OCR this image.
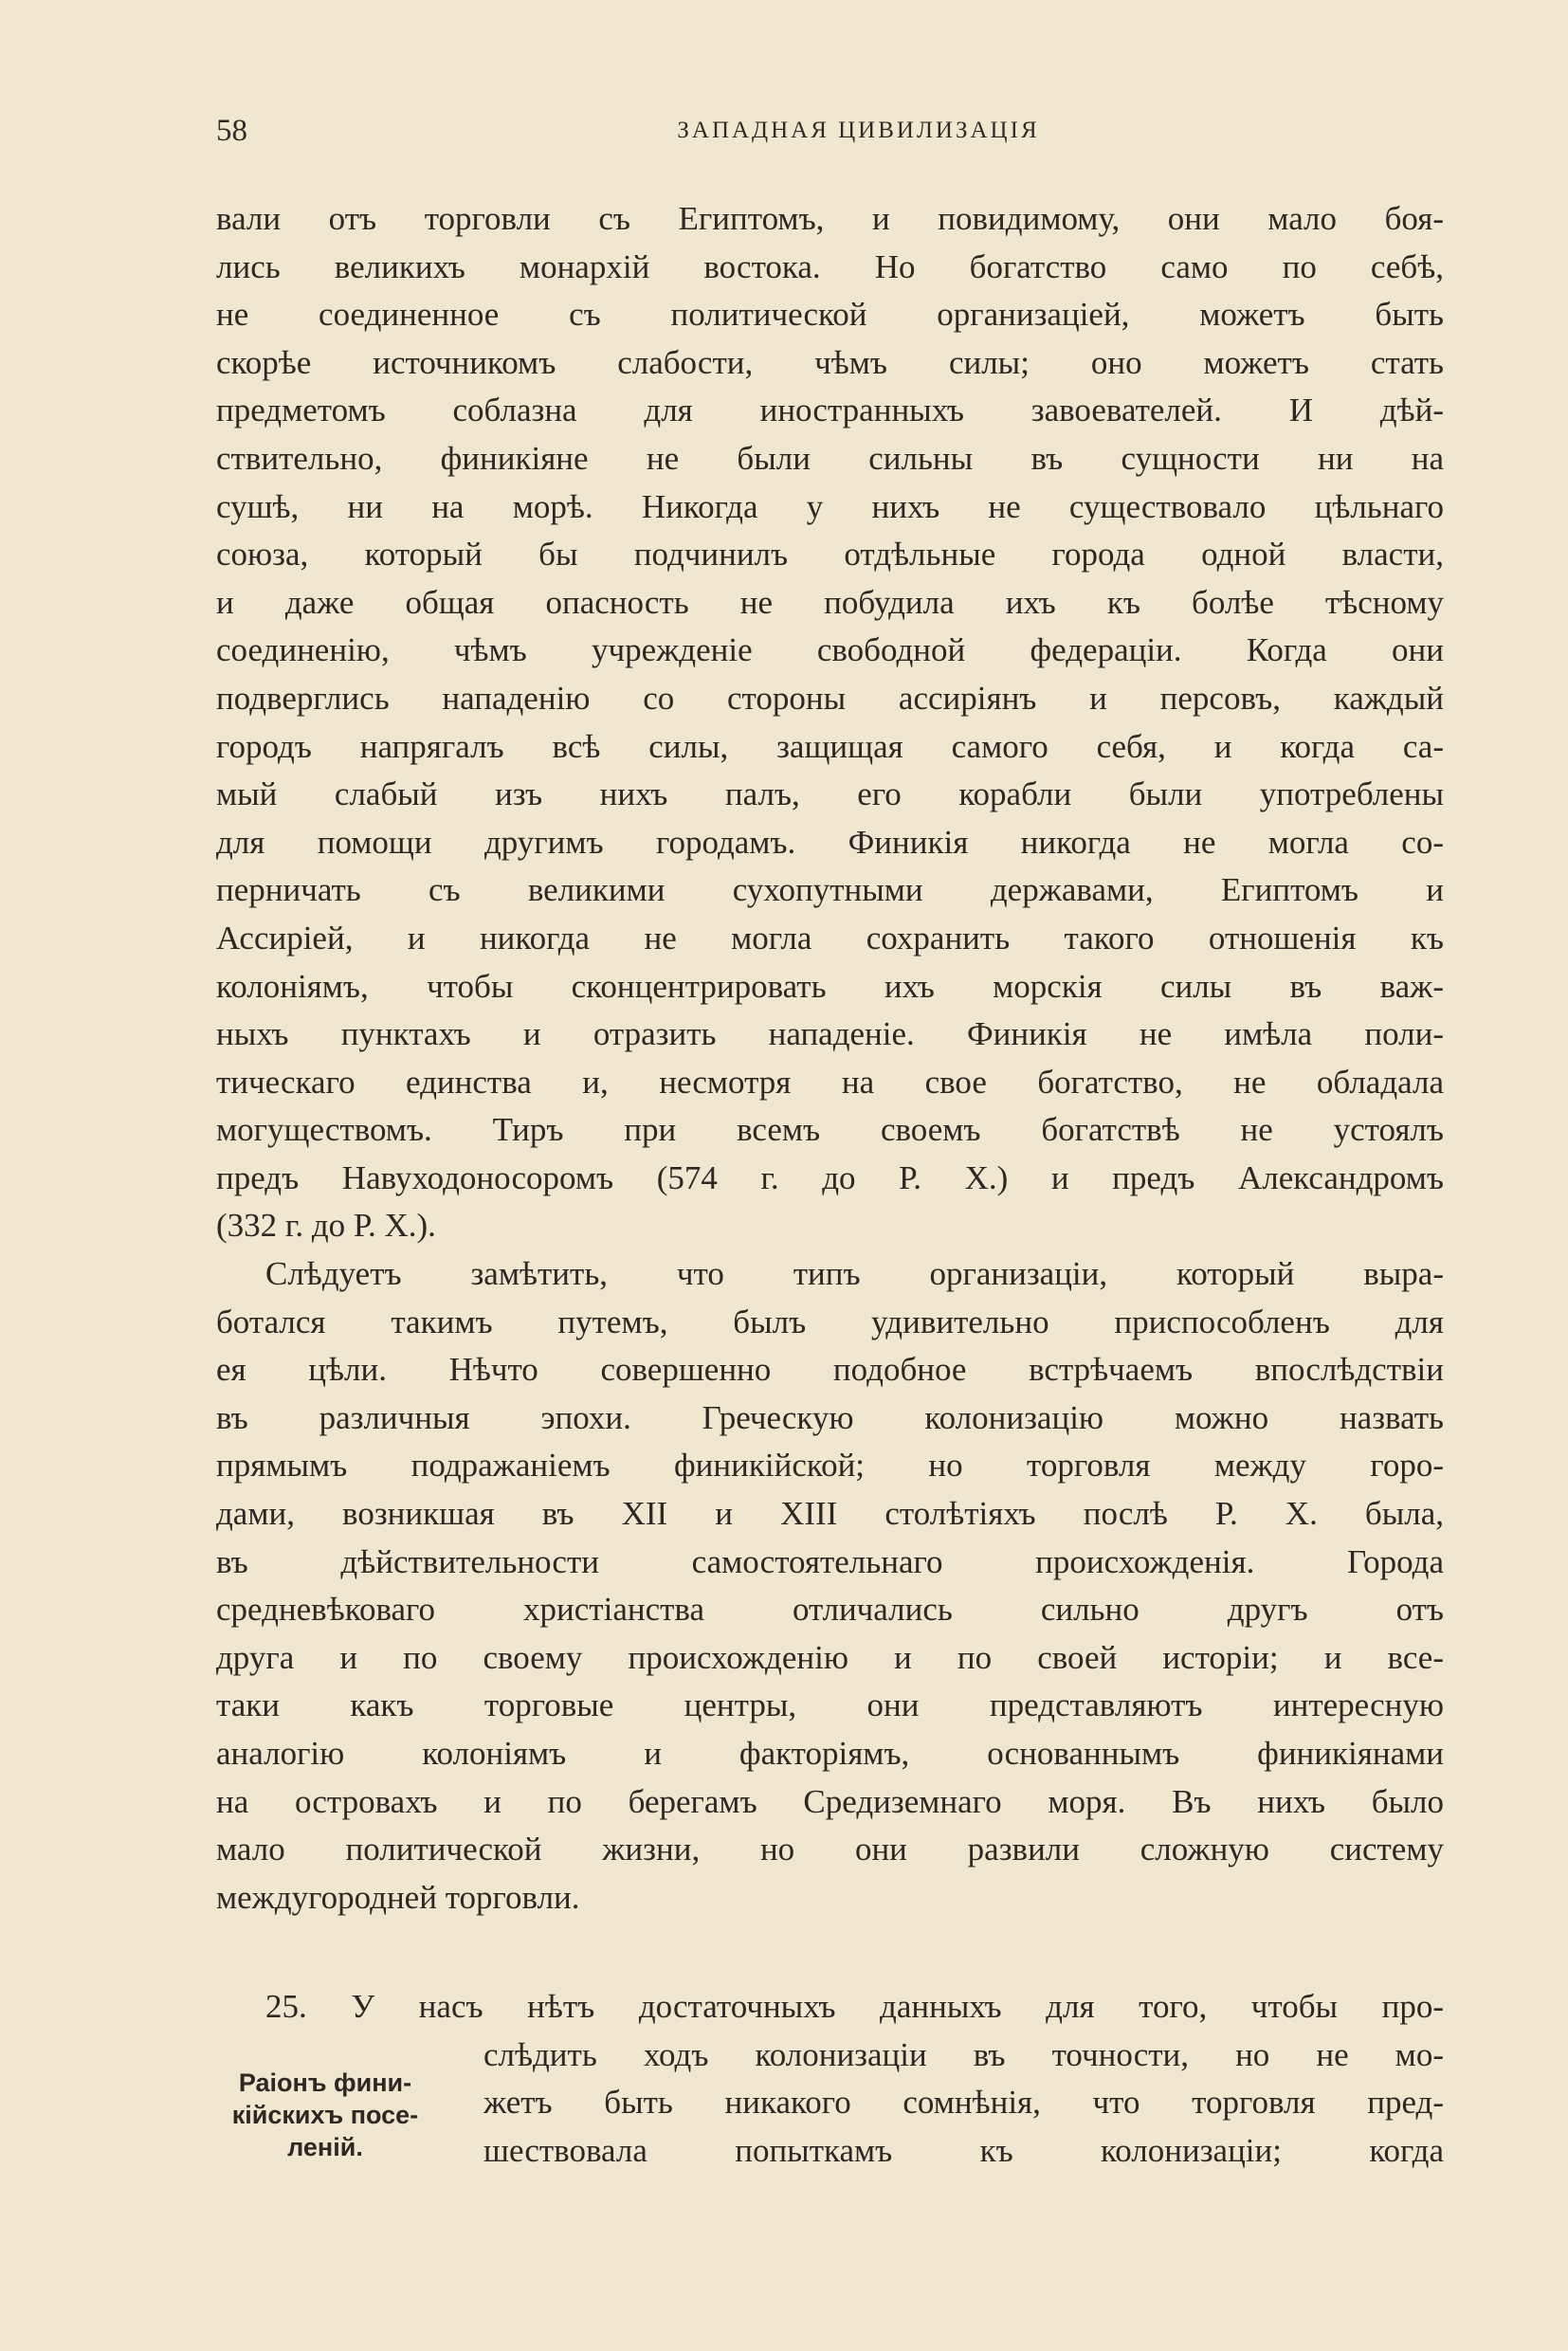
58	ЗАПАДНАЯ ЦИВИЛИЗАЦІЯ
вали отъ торговли съ Египтомъ, и повидимому, они мало боя-
лись великихъ монархій востока. Но богатство само по себѣ,
не соединенное съ политической организаціей, можетъ быть
скорѣе источникомъ слабости, чѣмъ силы; оно можетъ стать
предметомъ соблазна для иностранныхъ завоевателей. И дѣй-
ствительно, финикіяне не были сильны въ сущности ни на
сушѣ, ни на морѣ. Никогда у нихъ не существовало цѣльнаго
союза, который бы подчинилъ отдѣльные города одной власти,
и даже общая опасность не побудила ихъ къ болѣе тѣсному
соединенію, чѣмъ учрежденіе свободной федераціи. Когда они
подверглись нападенію со стороны ассиріянъ и персовъ, каждый
городъ напрягалъ всѣ силы, защищая самого себя, и когда са-
мый слабый изъ нихъ палъ, его корабли были употреблены
для помощи другимъ городамъ. Финикія никогда не могла со-
перничать съ великими сухопутными державами, Египтомъ и
Ассиріей, и никогда не могла сохранить такого отношенія къ
колоніямъ, чтобы сконцентрировать ихъ морскія силы въ важ-
ныхъ пунктахъ и отразить нападеніе. Финикія не имѣла поли-
тическаго единства и, несмотря на свое богатство, не обладала
могуществомъ. Тиръ при всемъ своемъ богатствѣ не устоялъ
предъ Навуходоносоромъ (574 г. до Р. Х.) и предъ Александромъ
(332 г. до Р. Х.).
Слѣдуетъ замѣтить, что типъ организаціи, который выра-
ботался такимъ путемъ, былъ удивительно приспособленъ для
ея цѣли. Нѣчто совершенно подобное встрѣчаемъ впослѣдствіи
въ различныя эпохи. Греческую колонизацію можно назвать
прямымъ подражаніемъ финикійской; но торговля между горо-
дами, возникшая въ XII и XIII столѣтіяхъ послѣ Р. Х. была,
въ дѣйствительности самостоятельнаго происхожденія. Города
средневѣковаго христіанства отличались сильно другъ отъ
друга и по своему происхожденію и по своей исторіи; и все-
таки какъ торговые центры, они представляютъ интересную
аналогію колоніямъ и факторіямъ, основаннымъ финикіянами
на островахъ и по берегамъ Средиземнаго моря. Въ нихъ было
мало политической жизни, но они развили сложную систему
междугородней торговли.
25. У насъ нѣтъ достаточныхъ данныхъ для того, чтобы про-
слѣдить ходъ колонизаціи въ точности, но не мо-
жетъ быть никакого сомнѣнія, что торговля пред-
шествовала попыткамъ къ колонизаціи; когда
Раіонъ фини-
кійскихъ посе-
леній.
